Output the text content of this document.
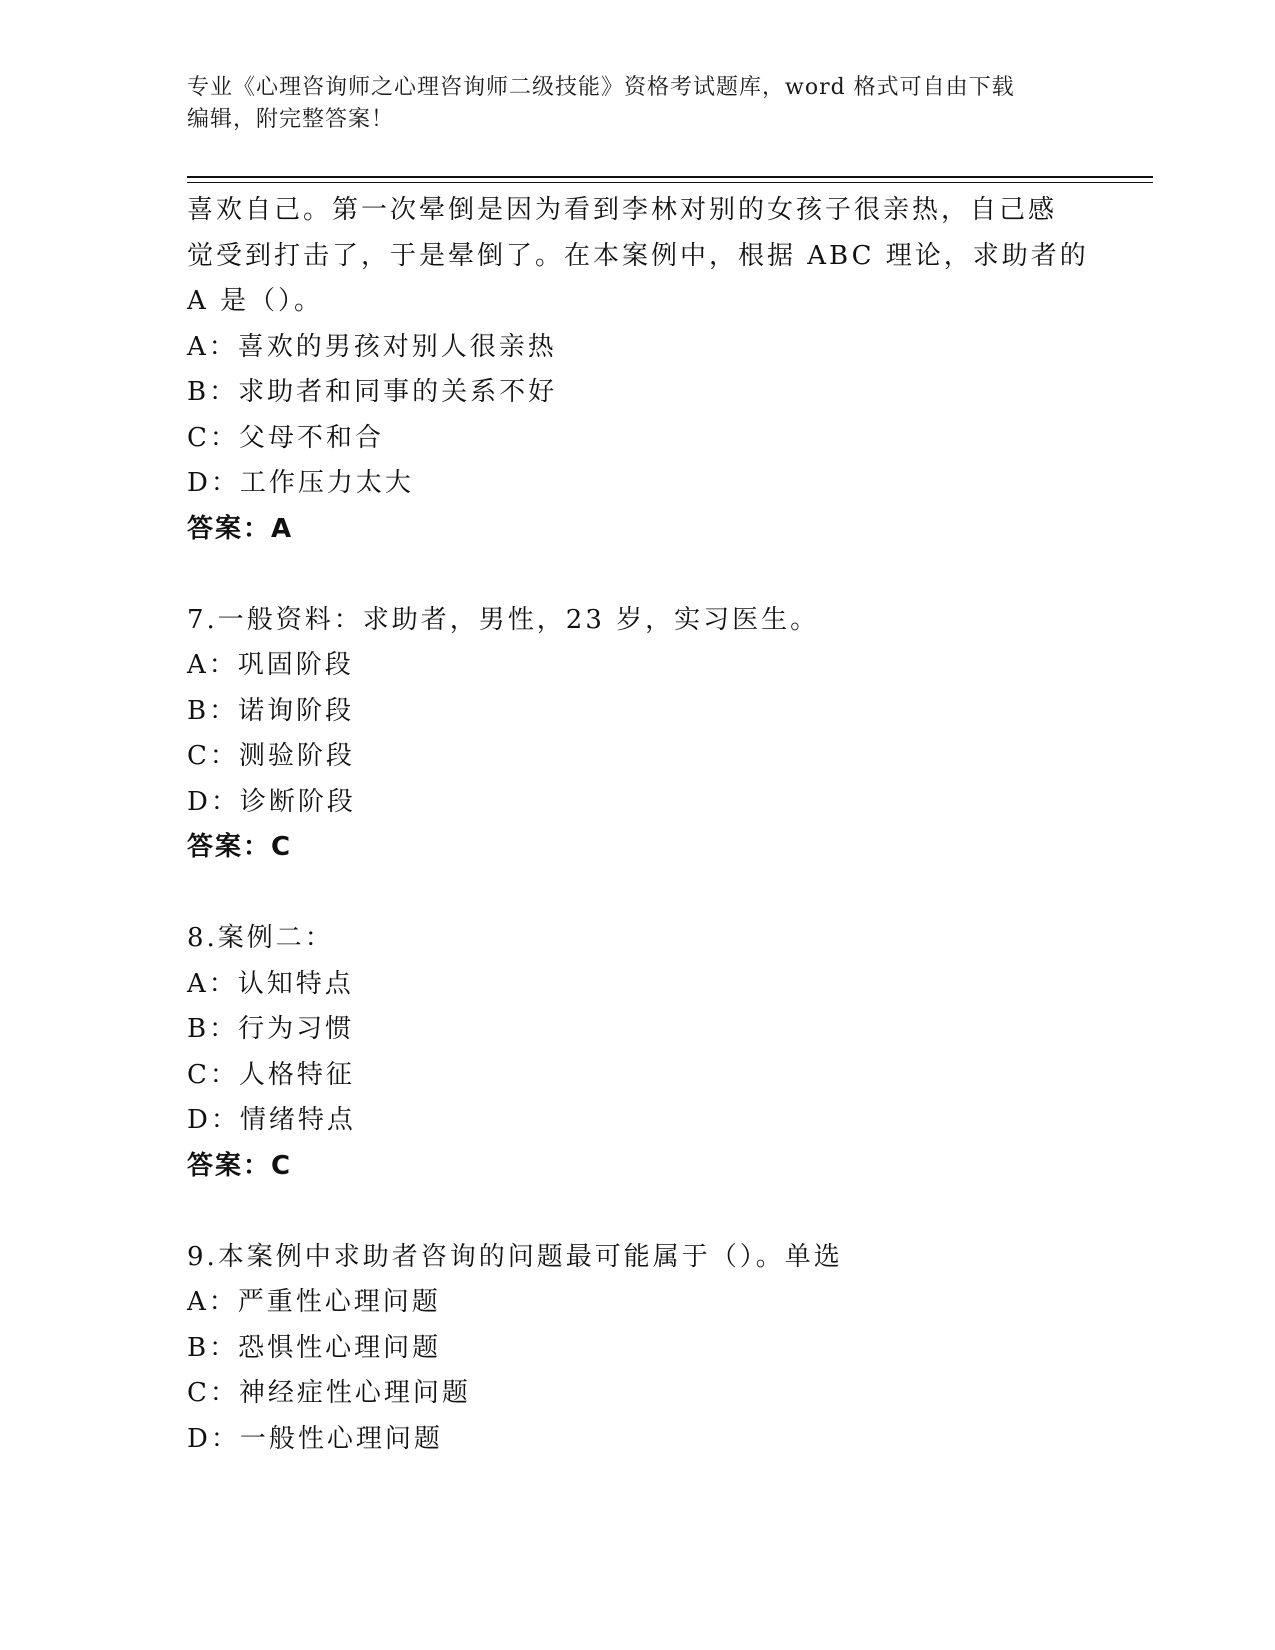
专业《心理咨询师之心理咨询师二级技能》资格考试题库，word 格式可自由下载
编辑，附完整答案！
喜欢自己。第一次晕倒是因为看到李林对别的女孩子很亲热，自己感
觉受到打击了，于是晕倒了。在本案例中，根据 ABC 理论，求助者的
A 是（）。
A：喜欢的男孩对别人很亲热
B：求助者和同事的关系不好
C：父母不和合
D：工作压力太大
答案：A
7.一般资料：求助者，男性，23 岁，实习医生。
A：巩固阶段
B：诺询阶段
C：测验阶段
D：诊断阶段
答案：C
8.案例二：
A：认知特点
B：行为习惯
C：人格特征
D：情绪特点
答案：C
9.本案例中求助者咨询的问题最可能属于（）。单选
A：严重性心理问题
B：恐惧性心理问题
C：神经症性心理问题
D：一般性心理问题
